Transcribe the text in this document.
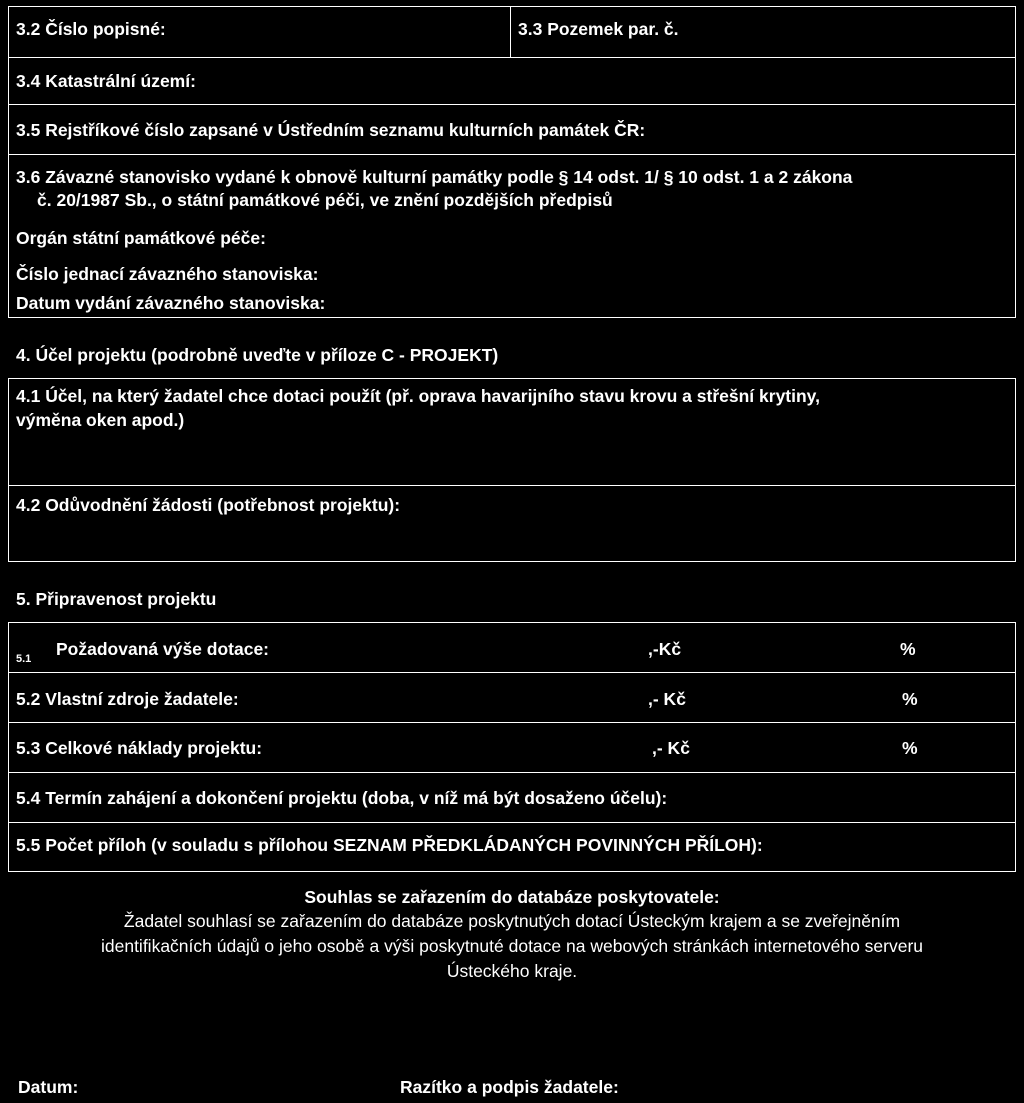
3.2 Číslo popisné:	3.3 Pozemek par. č.
3.4 Katastrální území:
3.5 Rejstříkové číslo zapsané v Ústředním seznamu kulturních památek ČR:
3.6 Závazné stanovisko vydané k obnově kulturní památky podle § 14 odst. 1/ § 10 odst. 1 a 2 zákona
č. 20/1987 Sb., o státní památkové péči, ve znění pozdějších předpisů
Orgán státní památkové péče:
Číslo jednací závazného stanoviska:
Datum vydání závazného stanoviska:
4. Účel projektu (podrobně uveďte v příloze C - PROJEKT)
4.1 Účel, na který žadatel chce dotaci použít (př. oprava havarijního stavu krovu a střešní krytiny,
výměna oken apod.)
4.2 Odůvodnění žádosti (potřebnost projektu):
5. Připravenost projektu
5.1 Požadovaná výše dotace:	,-Kč	%
5.2 Vlastní zdroje žadatele:	,- Kč	%
5.3 Celkové náklady projektu:	,- Kč	%
5.4 Termín zahájení a dokončení projektu (doba, v níž má být dosaženo účelu):
5.5 Počet příloh (v souladu s přílohou SEZNAM PŘEDKLÁDANÝCH POVINNÝCH PŘÍLOH):
Souhlas se zařazením do databáze poskytovatele:
Žadatel souhlasí se zařazením do databáze poskytnutých dotací Ústeckým krajem a se zveřejněním
identifikačních údajů o jeho osobě a výši poskytnuté dotace na webových stránkách internetového serveru
Ústeckého kraje.
Datum:	Razítko a podpis žadatele:
